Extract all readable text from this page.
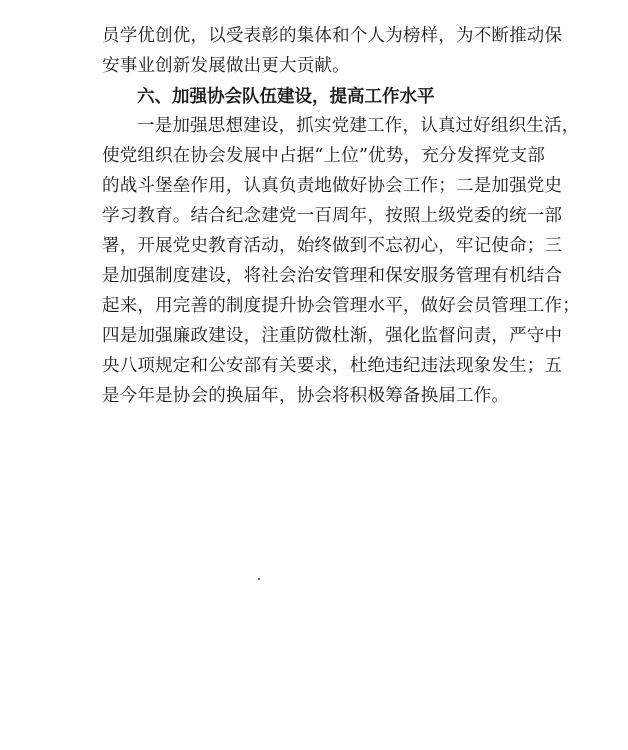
员学优创优，以受表彰的集体和个人为榜样，为不断推动保
安事业创新发展做出更大贡献。
六、加强协会队伍建设，提高工作水平
一是加强思想建设，抓实党建工作，认真过好组织生活，
使党组织在协会发展中占据“上位”优势，充分发挥党支部
的战斗堡垒作用，认真负责地做好协会工作；二是加强党史
学习教育。结合纪念建党一百周年，按照上级党委的统一部
署，开展党史教育活动，始终做到不忘初心，牢记使命；三
是加强制度建设，将社会治安管理和保安服务管理有机结合
起来，用完善的制度提升协会管理水平，做好会员管理工作；
四是加强廉政建设，注重防微杜渐，强化监督问责，严守中
央八项规定和公安部有关要求，杜绝违纪违法现象发生；五
是今年是协会的换届年，协会将积极筹备换届工作。
